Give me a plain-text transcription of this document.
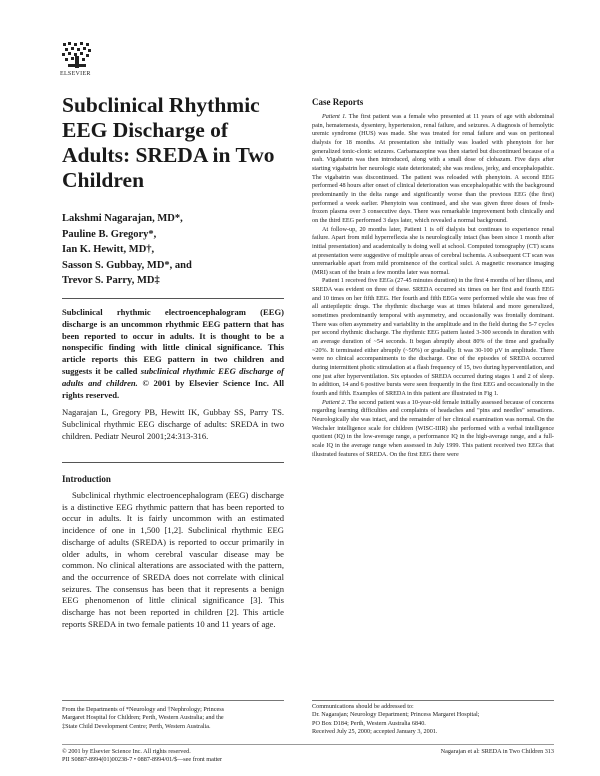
ELSEVIER
Subclinical Rhythmic EEG Discharge of Adults: SREDA in Two Children
Lakshmi Nagarajan, MD*,
Pauline B. Gregory*,
Ian K. Hewitt, MD†,
Sasson S. Gubbay, MD*, and
Trevor S. Parry, MD‡
Subclinical rhythmic electroencephalogram (EEG) discharge is an uncommon rhythmic EEG pattern that has been reported to occur in adults. It is thought to be a nonspecific finding with little clinical significance. This article reports this EEG pattern in two children and suggests it be called subclinical rhythmic EEG discharge of adults and children. © 2001 by Elsevier Science Inc. All rights reserved.
Nagarajan L, Gregory PB, Hewitt IK, Gubbay SS, Parry TS. Subclinical rhythmic EEG discharge of adults: SREDA in two children. Pediatr Neurol 2001;24:313-316.
Introduction

Subclinical rhythmic electroencephalogram (EEG) discharge is a distinctive EEG rhythmic pattern that has been reported to occur in adults. It is fairly uncommon with an estimated incidence of one in 1,500 [1,2]. Subclinical rhythmic EEG discharge of adults (SREDA) is reported to occur primarily in older adults, in whom cerebral vascular disease may be common. No clinical alterations are associated with the pattern, and the occurrence of SREDA does not correlate with clinical seizures. The consensus has been that it represents a benign EEG phenomenon of little clinical significance [3]. This discharge has not been reported in children [2]. This article reports SREDA in two female patients 10 and 11 years of age.

Case Reports

Patient 1. The first patient was a female who presented at 11 years of age with abdominal pain, hematemesis, dysentery, hypertension, renal failure, and seizures. A diagnosis of hemolytic uremic syndrome (HUS) was made. She was treated for renal failure and was on peritoneal dialysis for 18 months. At presentation she initially was loaded with phenytoin for her generalized tonic-clonic seizures. Carbamazepine was then started but discontinued because of a rash. Vigabatrin was then introduced, along with a small dose of clobazam. Five days after starting vigabatrin her neurologic state deteriorated; she was restless, jerky, and encephalopathic. The vigabatrin was discontinued. The patient was reloaded with phenytoin. A second EEG performed 48 hours after onset of clinical deterioration was encephalopathic with the background predominantly in the delta range and significantly worse than the previous EEG (the first) performed a week earlier. Phenytoin was continued, and she was given three doses of fresh-frozen plasma over 3 consecutive days. There was remarkable improvement both clinically and on the third EEG performed 3 days later, which revealed a normal background.

At follow-up, 20 months later, Patient 1 is off dialysis but continues to experience renal failure. Apart from mild hyperreflexia she is neurologically intact (has been since 1 month after initial presentation) and academically is doing well at school. Computed tomography (CT) scans at presentation were suggestive of multiple areas of cerebral ischemia. A subsequent CT scan was unremarkable apart from mild prominence of the cortical sulci. A magnetic resonance imaging (MRI) scan of the brain a few months later was normal.

Patient 1 received five EEGs (27-45 minutes duration) in the first 4 months of her illness, and SREDA was evident on three of these. SREDA occurred six times on her first and fourth EEG and 10 times on her fifth EEG. Her fourth and fifth EEGs were performed while she was free of all antiepileptic drugs. The rhythmic discharge was at times bilateral and more generalized, sometimes predominantly temporal with asymmetry, and occasionally was frontally dominant. There was often asymmetry and variability in the amplitude and in the field during the 5-7 cycles per second rhythmic discharge. The rhythmic EEG pattern lasted 3-300 seconds in duration with an average duration of ~54 seconds. It began abruptly about 80% of the time and gradually ~20%. It terminated either abruptly (~50%) or gradually. It was 30-100 µV in amplitude. There were no clinical accompaniments to the discharge. One of the episodes of SREDA occurred during intermittent photic stimulation at a flash frequency of 15, two during hyperventilation, and one just after hyperventilation. Six episodes of SREDA occurred during stages 1 and 2 of sleep. In addition, 14 and 6 positive bursts were seen frequently in the first EEG and occasionally in the fourth and fifth. Examples of SREDA in this patient are illustrated in Fig 1.

Patient 2. The second patient was a 10-year-old female initially assessed because of concerns regarding learning difficulties and complaints of headaches and "pins and needles" sensations. Neurologically she was intact, and the remainder of her clinical examination was normal. On the Wechsler intelligence scale for children (WISC-IIIR) she performed with a verbal intelligence quotient (IQ) in the low-average range, a performance IQ in the high-average range, and a full-scale IQ in the average range when assessed in July 1999. This patient received two EEGs that illustrated features of SREDA. On the first EEG there were

From the Departments of *Neurology and †Nephrology; Princess
Margaret Hospital for Children; Perth, Western Australia; and the
‡State Child Development Centre; Perth, Western Australia.
Communications should be addressed to:
Dr. Nagarajan; Neurology Department; Princess Margaret Hospital;
PO Box D184; Perth, Western Australia 6840.
Received July 25, 2000; accepted January 3, 2001.
© 2001 by Elsevier Science Inc. All rights reserved.
PII S0887-8994(01)00238-7 • 0887-8994/01/$—see front matter
Nagarajan et al: SREDA in Two Children 313
